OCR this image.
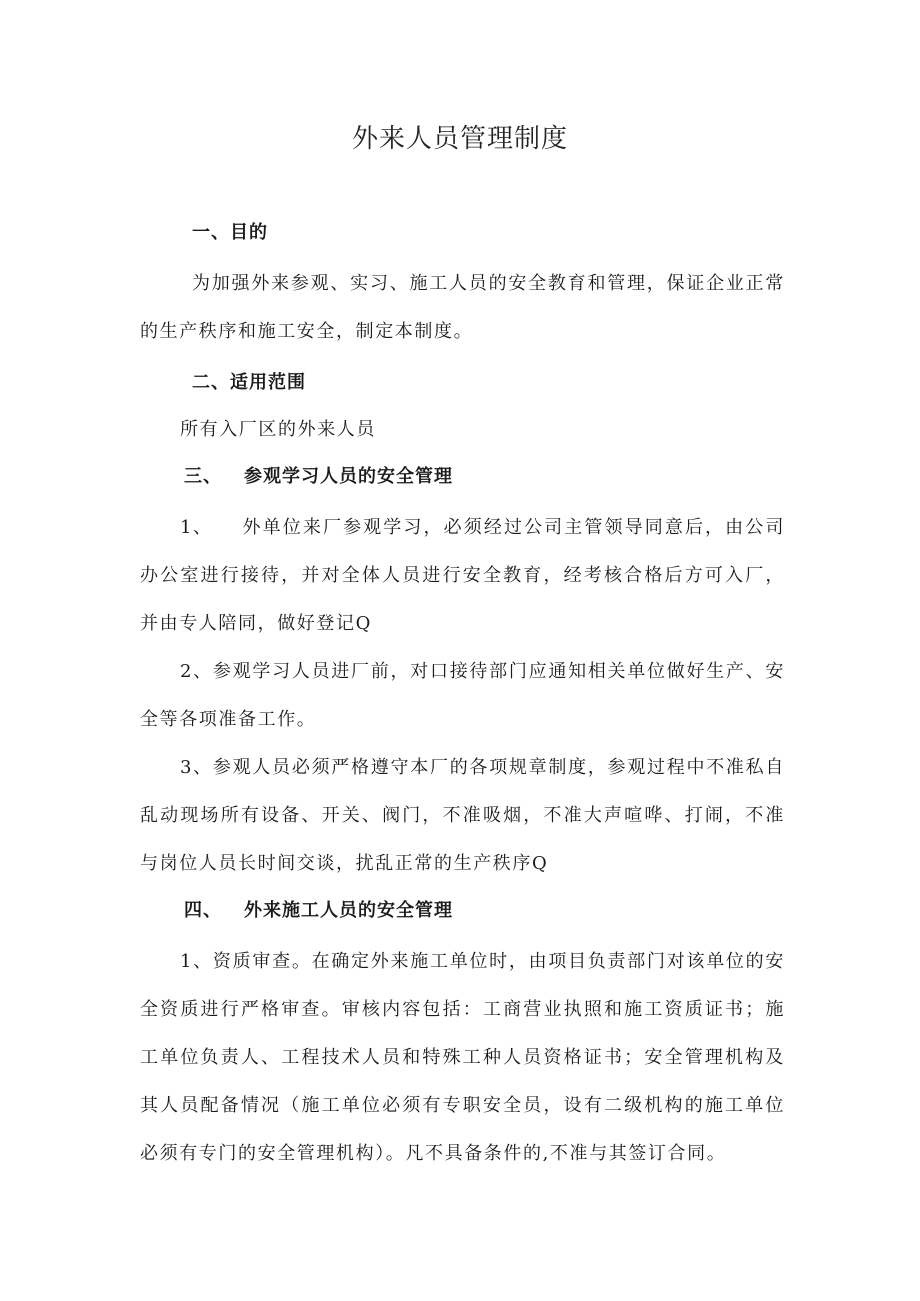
外来人员管理制度
一、目的
为加强外来参观、实习、施工人员的安全教育和管理，保证企业正常的生产秩序和施工安全，制定本制度。
二、适用范围
所有入厂区的外来人员
三、 参观学习人员的安全管理
1、 外单位来厂参观学习，必须经过公司主管领导同意后，由公司办公室进行接待，并对全体人员进行安全教育，经考核合格后方可入厂，并由专人陪同，做好登记Q
2、参观学习人员进厂前，对口接待部门应通知相关单位做好生产、安全等各项准备工作。
3、参观人员必须严格遵守本厂的各项规章制度，参观过程中不准私自乱动现场所有设备、开关、阀门，不准吸烟，不准大声喧哗、打闹，不准与岗位人员长时间交谈，扰乱正常的生产秩序Q
四、 外来施工人员的安全管理
1、资质审查。在确定外来施工单位时，由项目负责部门对该单位的安全资质进行严格审查。审核内容包括：工商营业执照和施工资质证书；施工单位负责人、工程技术人员和特殊工种人员资格证书；安全管理机构及其人员配备情况（施工单位必须有专职安全员，设有二级机构的施工单位必须有专门的安全管理机构）。凡不具备条件的,不准与其签订合同。
